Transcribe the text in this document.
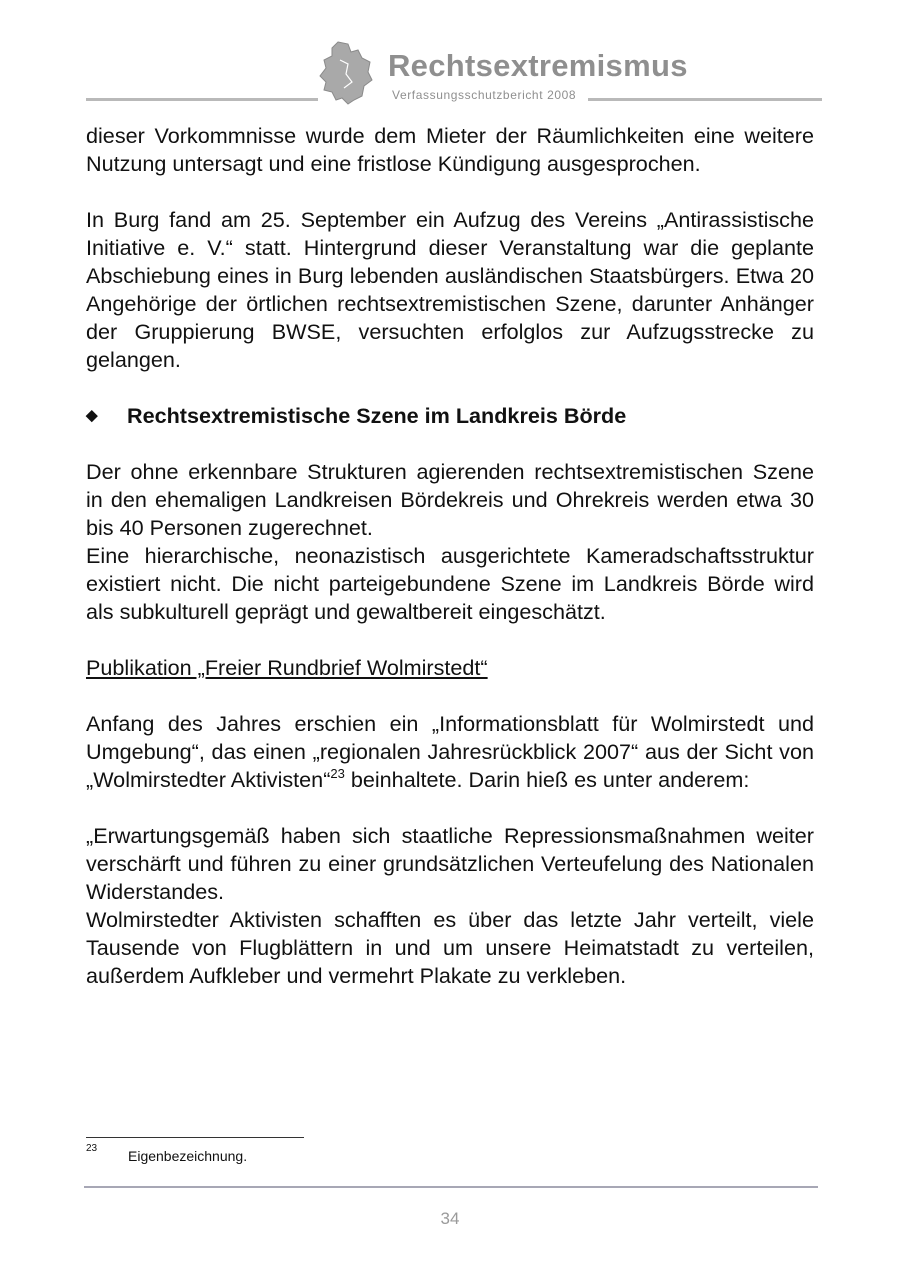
Rechtsextremismus
Verfassungsschutzbericht 2008

dieser Vorkommnisse wurde dem Mieter der Räumlichkeiten eine weitere Nutzung untersagt und eine fristlose Kündigung ausgesprochen.

In Burg fand am 25. September ein Aufzug des Vereins „Antirassistische Initiative e. V.“ statt. Hintergrund dieser Veranstaltung war die geplante Abschiebung eines in Burg lebenden ausländischen Staatsbürgers. Etwa 20 Angehörige der örtlichen rechtsextremistischen Szene, darunter Anhänger der Gruppierung BWSE, versuchten erfolglos zur Aufzugsstrecke zu gelangen.

◆	Rechtsextremistische Szene im Landkreis Börde

Der ohne erkennbare Strukturen agierenden rechtsextremistischen Szene in den ehemaligen Landkreisen Bördekreis und Ohrekreis werden etwa 30 bis 40 Personen zugerechnet.

Eine hierarchische, neonazistisch ausgerichtete Kameradschaftsstruktur existiert nicht. Die nicht parteigebundene Szene im Landkreis Börde wird als subkulturell geprägt und gewaltbereit eingeschätzt.

Publikation „Freier Rundbrief Wolmirstedt“

Anfang des Jahres erschien ein „Informationsblatt für Wolmirstedt und Umgebung“, das einen „regionalen Jahresrückblick 2007“ aus der Sicht von „Wolmirstedter Aktivisten“$^{23}$ beinhaltete. Darin hieß es unter anderem:

„Erwartungsgemäß haben sich staatliche Repressionsmaßnahmen weiter verschärft und führen zu einer grundsätzlichen Verteufelung des Nationalen Widerstandes.

Wolmirstedter Aktivisten schafften es über das letzte Jahr verteilt, viele Tausende von Flugblättern in und um unsere Heimatstadt zu verteilen, außerdem Aufkleber und vermehrt Plakate zu verkleben.

23 Eigenbezeichnung.
34
